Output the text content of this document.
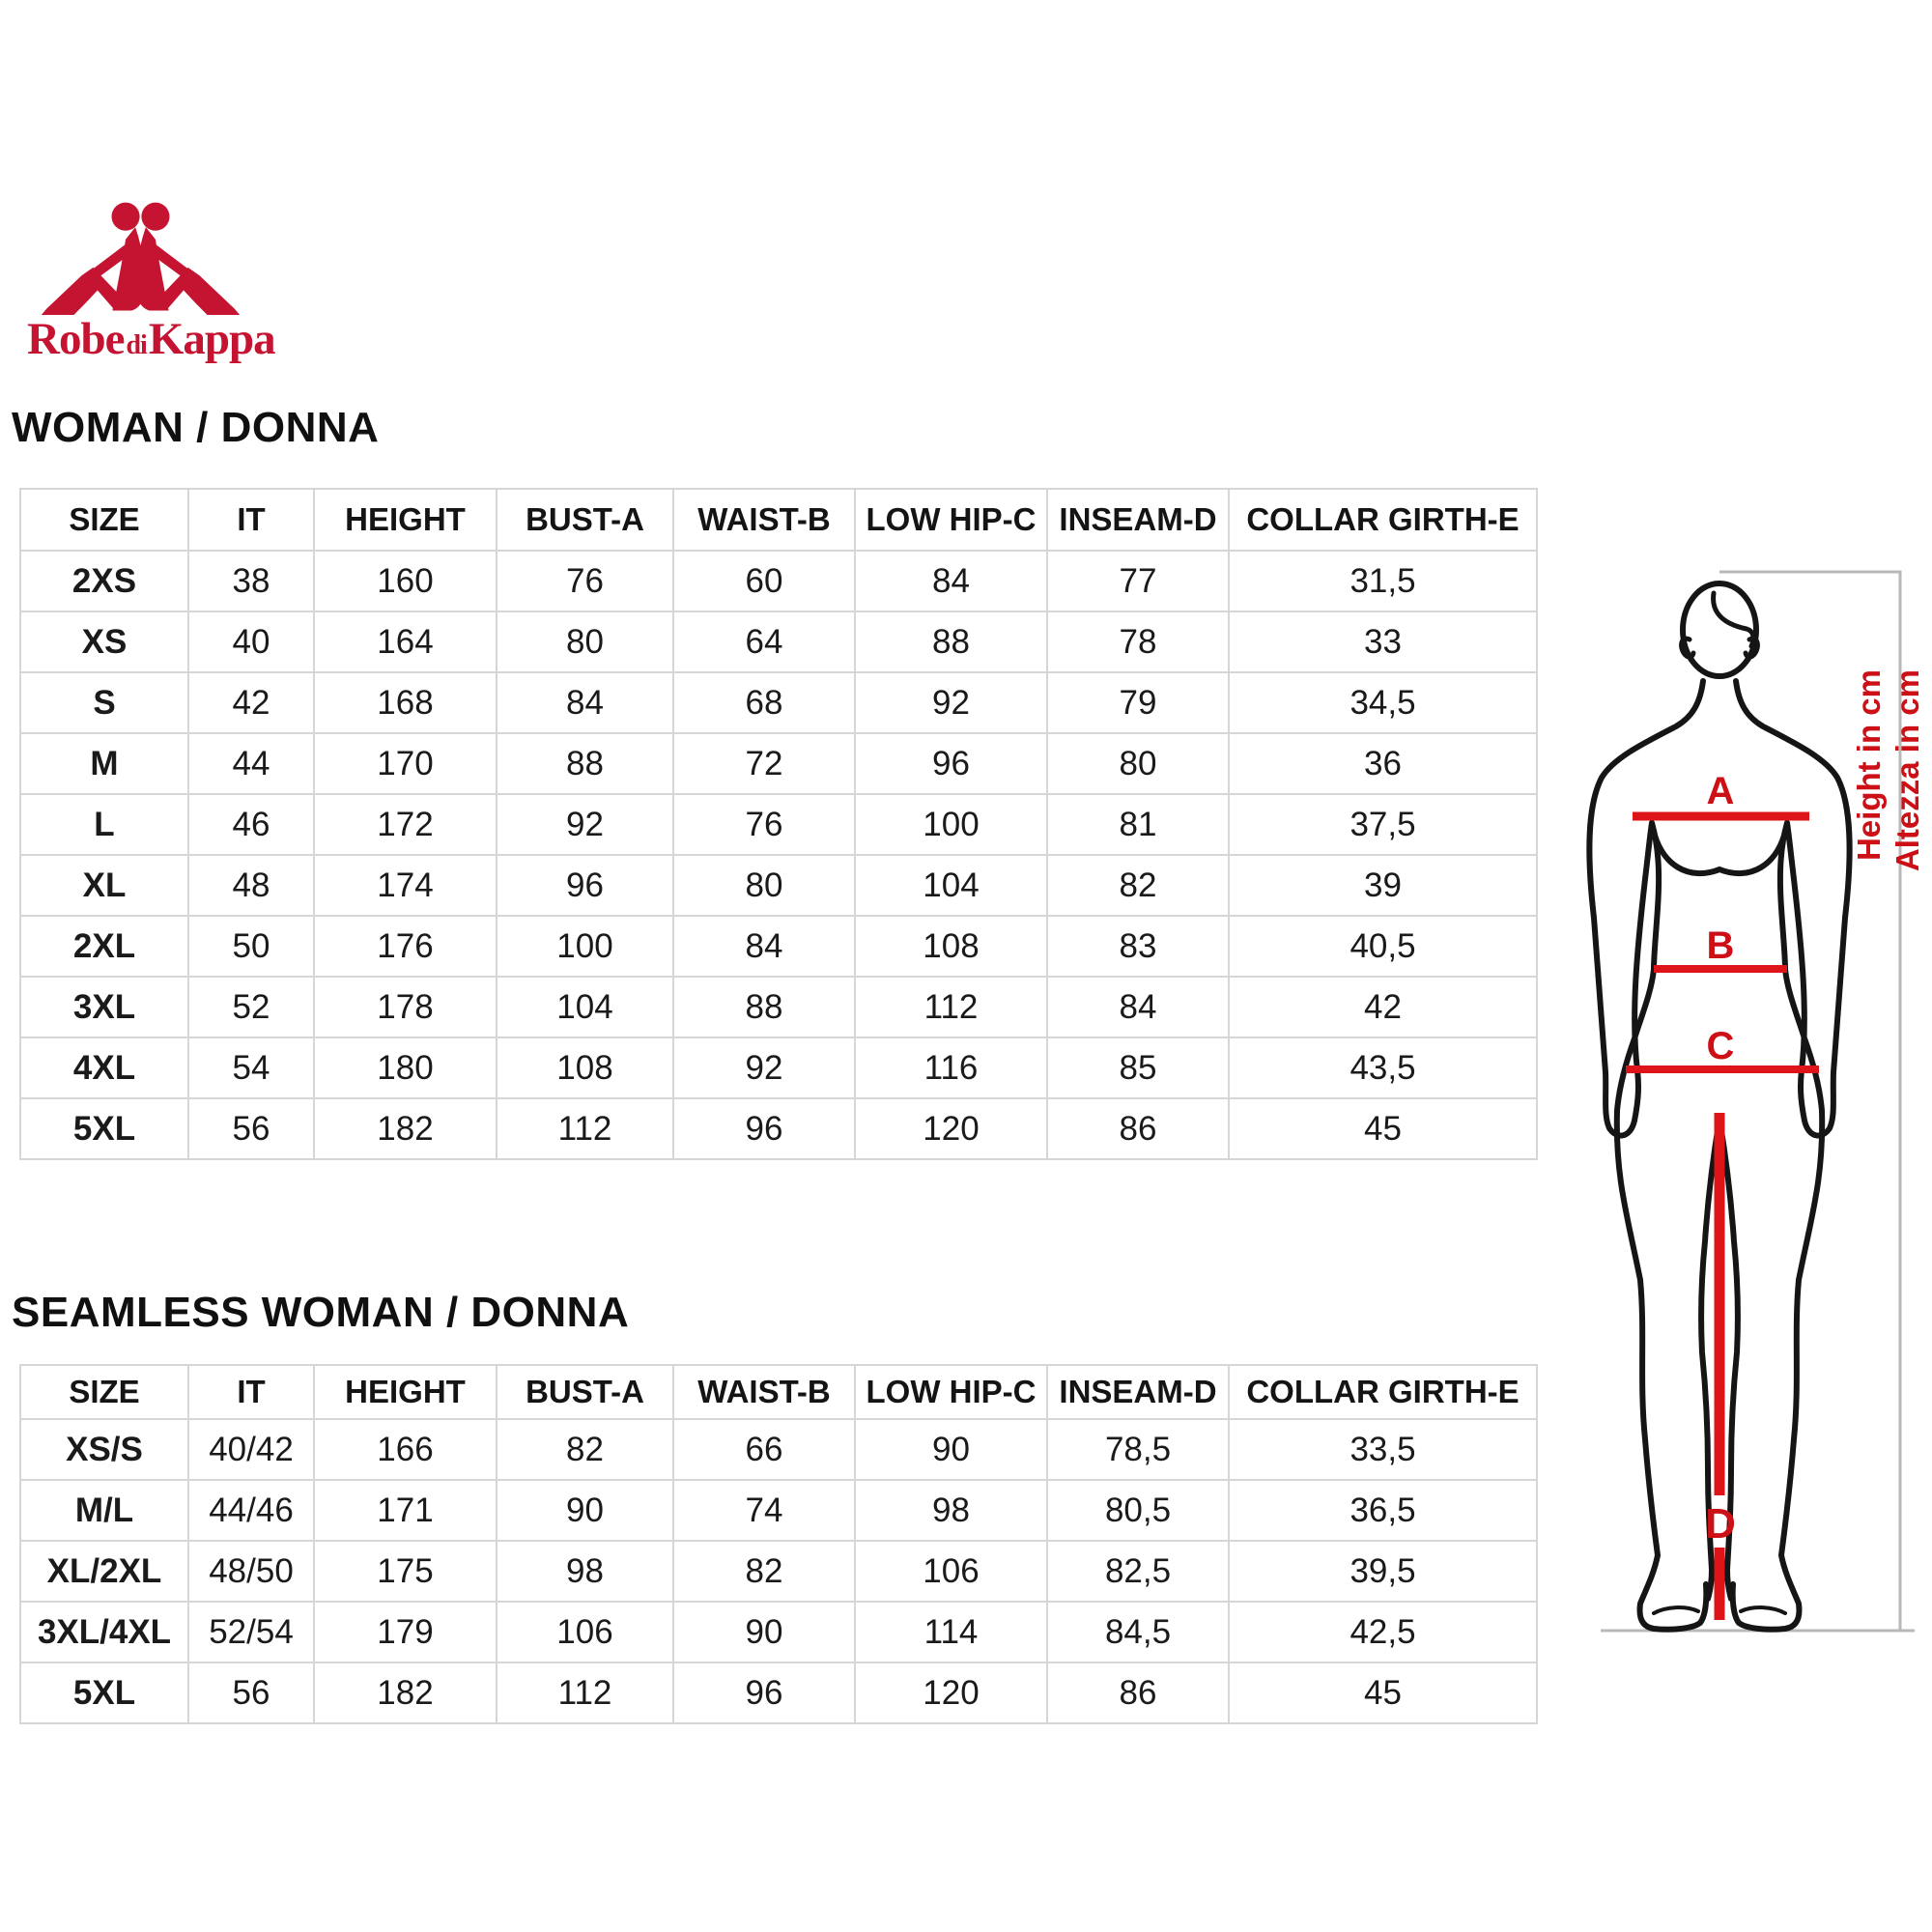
RobediKappa
WOMAN / DONNA
SEAMLESS WOMAN / DONNA
SIZE	IT	HEIGHT	BUST-A	WAIST-B	LOW HIP-C	INSEAM-D	COLLAR GIRTH-E
2XS	38	160	76	60	84	77	31,5
XS	40	164	80	64	88	78	33
S	42	168	84	68	92	79	34,5
M	44	170	88	72	96	80	36
L	46	172	92	76	100	81	37,5
XL	48	174	96	80	104	82	39
2XL	50	176	100	84	108	83	40,5
3XL	52	178	104	88	112	84	42
4XL	54	180	108	92	116	85	43,5
5XL	56	182	112	96	120	86	45
SIZE	IT	HEIGHT	BUST-A	WAIST-B	LOW HIP-C	INSEAM-D	COLLAR GIRTH-E
XS/S	40/42	166	82	66	90	78,5	33,5
M/L	44/46	171	90	74	98	80,5	36,5
XL/2XL	48/50	175	98	82	106	82,5	39,5
3XL/4XL	52/54	179	106	90	114	84,5	42,5
5XL	56	182	112	96	120	86	45
A
B
C
D
Height in cm Altezza in cm
